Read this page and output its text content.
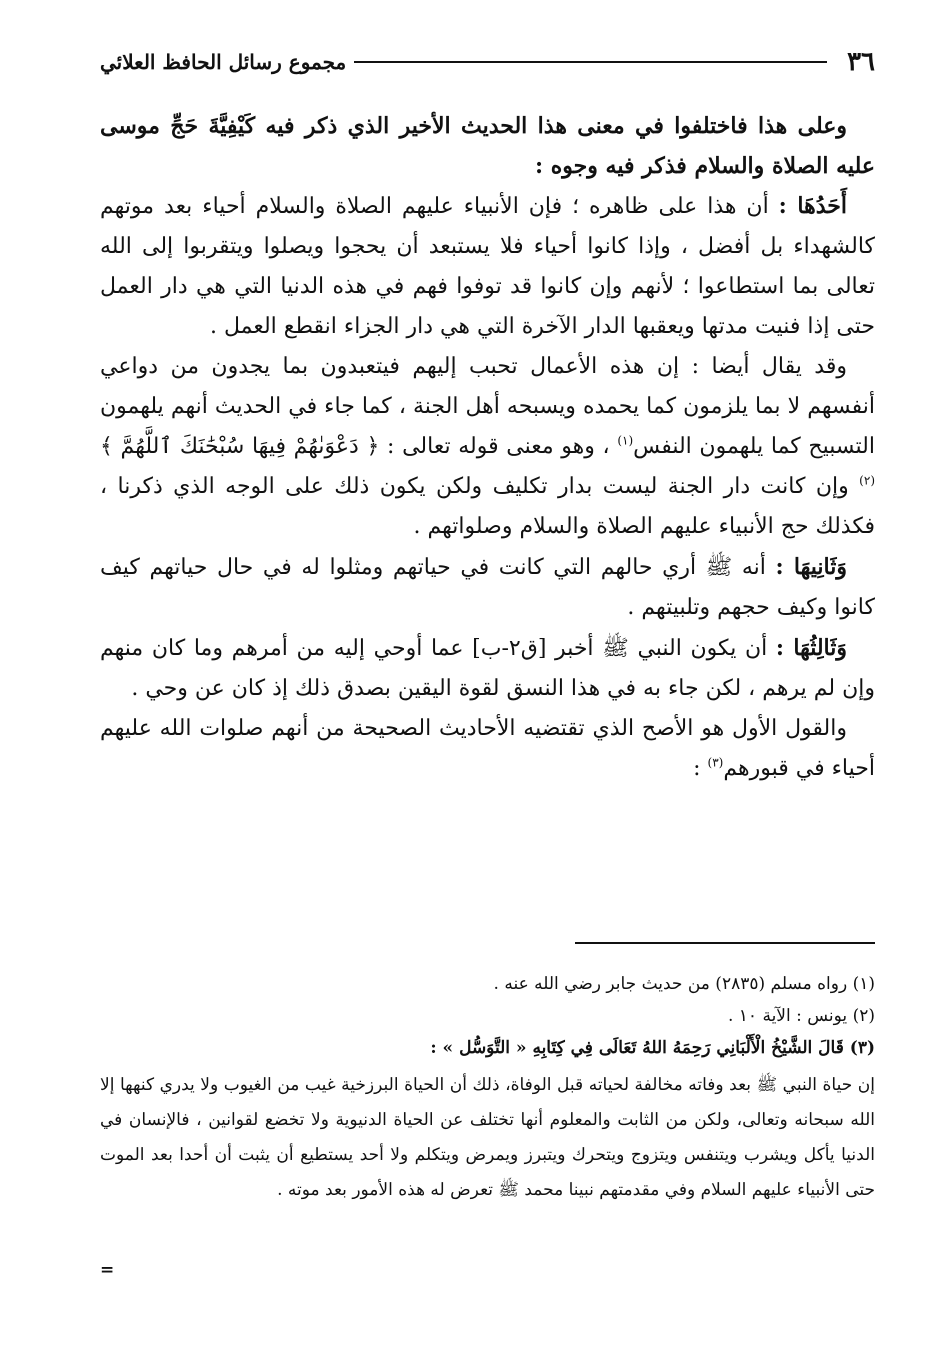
٣٦
مجموع رسائل الحافظ العلائي

وعلى هذا فاختلفوا في معنى هذا الحديث الأخير الذي ذكر فيه كَيْفِيَّةَ حَجِّ موسى عليه الصلاة والسلام فذكر فيه وجوه :

أَحَدُهَا : أن هذا على ظاهره ؛ فإن الأنبياء عليهم الصلاة والسلام أحياء بعد موتهم كالشهداء بل أفضل ، وإذا كانوا أحياء فلا يستبعد أن يحجوا ويصلوا ويتقربوا إلى الله تعالى بما استطاعوا ؛ لأنهم وإن كانوا قد توفوا فهم في هذه الدنيا التي هي دار العمل حتى إذا فنيت مدتها ويعقبها الدار الآخرة التي هي دار الجزاء انقطع العمل .

وقد يقال أيضا : إن هذه الأعمال تحبب إليهم فيتعبدون بما يجدون من دواعي أنفسهم لا بما يلزمون كما يحمده ويسبحه أهل الجنة ، كما جاء في الحديث أنهم يلهمون التسبيح كما يلهمون النفس$^{(١)}$ ، وهو معنى قوله تعالى : ﴿ دَعْوَىٰهُمْ فِيهَا سُبْحَٰنَكَ ٱللَّهُمَّ ﴾$^{(٢)}$ وإن كانت دار الجنة ليست بدار تكليف ولكن يكون ذلك على الوجه الذي ذكرنا ، فكذلك حج الأنبياء عليهم الصلاة والسلام وصلواتهم .

وَثَانِيهَا : أنه ﷺ أري حالهم التي كانت في حياتهم ومثلوا له في حال حياتهم كيف كانوا وكيف حجهم وتلبيتهم .

وَثَالِثُهَا : أن يكون النبي ﷺ أخبر [ق٢-ب] عما أوحي إليه من أمرهم وما كان منهم وإن لم يرهم ، لكن جاء به في هذا النسق لقوة اليقين بصدق ذلك إذ كان عن وحي .

والقول الأول هو الأصح الذي تقتضيه الأحاديث الصحيحة من أنهم صلوات الله عليهم أحياء في قبورهم$^{(٣)}$ :

(١) رواه مسلم (٢٨٣٥) من حديث جابر رضي الله عنه .

(٢) يونس : الآية ١٠ .

(٣) قَالَ الشَّيْخُ الْأَلْبَانِي رَحِمَهُ اللهُ تَعَالَى فِي كِتَابِهِ « التَّوَسُّل » :

إن حياة النبي ﷺ بعد وفاته مخالفة لحياته قبل الوفاة، ذلك أن الحياة البرزخية غيب من الغيوب ولا يدري كنهها إلا الله سبحانه وتعالى، ولكن من الثابت والمعلوم أنها تختلف عن الحياة الدنيوية ولا تخضع لقوانين ، فالإنسان في الدنيا يأكل ويشرب ويتنفس ويتزوج ويتحرك ويتبرز ويمرض ويتكلم ولا أحد يستطيع أن يثبت أن أحدا بعد الموت حتى الأنبياء عليهم السلام وفي مقدمتهم نبينا محمد ﷺ تعرض له هذه الأمور بعد موته .

=
